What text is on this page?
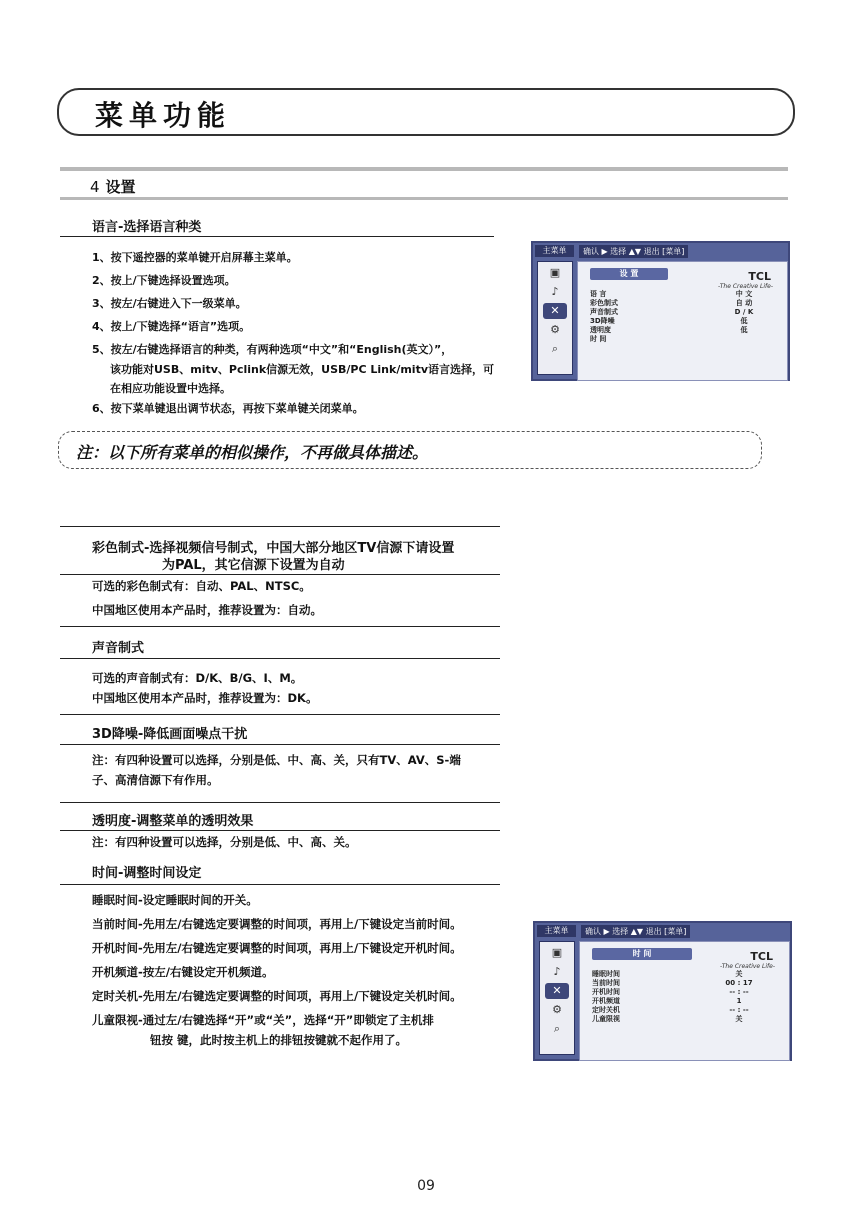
菜单功能
4 设置
语言-选择语言种类
1、按下遥控器的菜单键开启屏幕主菜单。
2、按上/下键选择设置选项。
3、按左/右键进入下一级菜单。
4、按上/下键选择“语言”选项。
5、按左/右键选择语言的种类，有两种选项“中文”和“English(英文）”，
该功能对USB、mitv、Pclink信源无效，USB/PC Link/mitv语言选择，可
在相应功能设置中选择。
6、按下菜单键退出调节状态，再按下菜单键关闭菜单。
主菜单	确认 ▶ 选择 ▲▼ 退出 [菜单]
▣
♪
✕
⚙
⌕
TCL
-The Creative Life-
设 置
语 言
彩色制式
声音制式
3D降噪
透明度
时 间
中 文
自 动
D / K
低
低
注：以下所有菜单的相似操作，不再做具体描述。
彩色制式-选择视频信号制式，中国大部分地区TV信源下请设置
为PAL，其它信源下设置为自动
可选的彩色制式有：自动、PAL、NTSC。
中国地区使用本产品时，推荐设置为：自动。
声音制式
可选的声音制式有：D/K、B/G、I、M。
中国地区使用本产品时，推荐设置为：DK。
3D降噪-降低画面噪点干扰
注：有四种设置可以选择，分别是低、中、高、关，只有TV、AV、S-端
子、高清信源下有作用。
透明度-调整菜单的透明效果
注：有四种设置可以选择，分别是低、中、高、关。
时间-调整时间设定
睡眠时间-设定睡眠时间的开关。
当前时间-先用左/右键选定要调整的时间项，再用上/下键设定当前时间。
开机时间-先用左/右键选定要调整的时间项，再用上/下键设定开机时间。
开机频道-按左/右键设定开机频道。
定时关机-先用左/右键选定要调整的时间项，再用上/下键设定关机时间。
儿童限视-通过左/右键选择“开”或“关”，选择“开”即锁定了主机排
钮按 键，此时按主机上的排钮按键就不起作用了。
主菜单	确认 ▶ 选择 ▲▼ 退出 [菜单]
▣
♪
✕
⚙
⌕
TCL
-The Creative Life-
时 间
睡眠时间
当前时间
开机时间
开机频道
定时关机
儿童限视
关
00 : 17
-- : --
1
-- : --
关
09
